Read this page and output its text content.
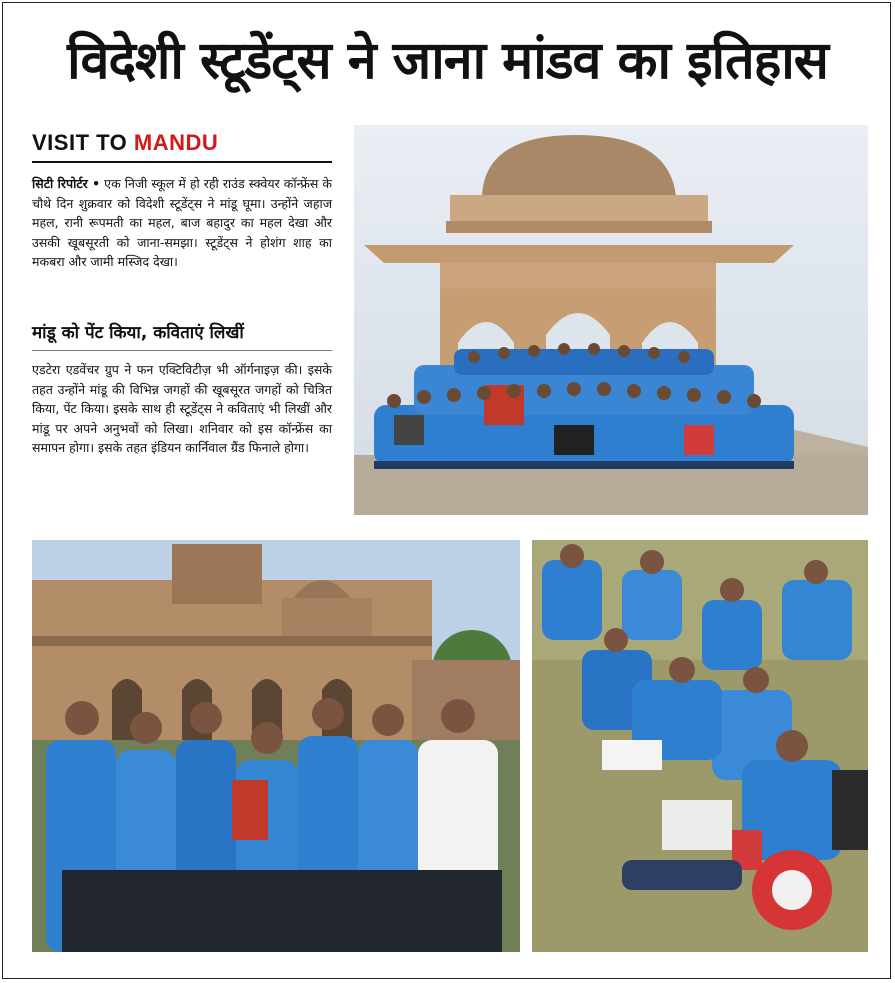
विदेशी स्टूडेंट्स ने जाना मांडव का इतिहास
VISIT TO MANDU
सिटी रिपोर्टर • एक निजी स्कूल में हो रही राउंड स्क्वेयर कॉन्फ्रेंस के चौथे दिन शुक्रवार को विदेशी स्टूडेंट्स ने मांडू घूमा। उन्होंने जहाज महल, रानी रूपमती का महल, बाज बहादुर का महल देखा और उसकी खूबसूरती को जाना-समझा। स्टूडेंट्स ने होशंग शाह का मकबरा और जामी मस्जिद देखा।
मांडू को पेंट किया, कविताएं लिखीं
एडटेरा एडवेंचर ग्रुप ने फन एक्टिविटीज़ भी ऑर्गनाइज़ की। इसके तहत उन्होंने मांडू की विभिन्न जगहों की खूबसूरत जगहों को चित्रित किया, पेंट किया। इसके साथ ही स्टूडेंट्स ने कविताएं भी लिखीं और मांडू पर अपने अनुभवों को लिखा। शनिवार को इस कॉन्फ्रेंस का समापन होगा। इसके तहत इंडियन कार्निवाल ग्रैंड फिनाले होगा।
